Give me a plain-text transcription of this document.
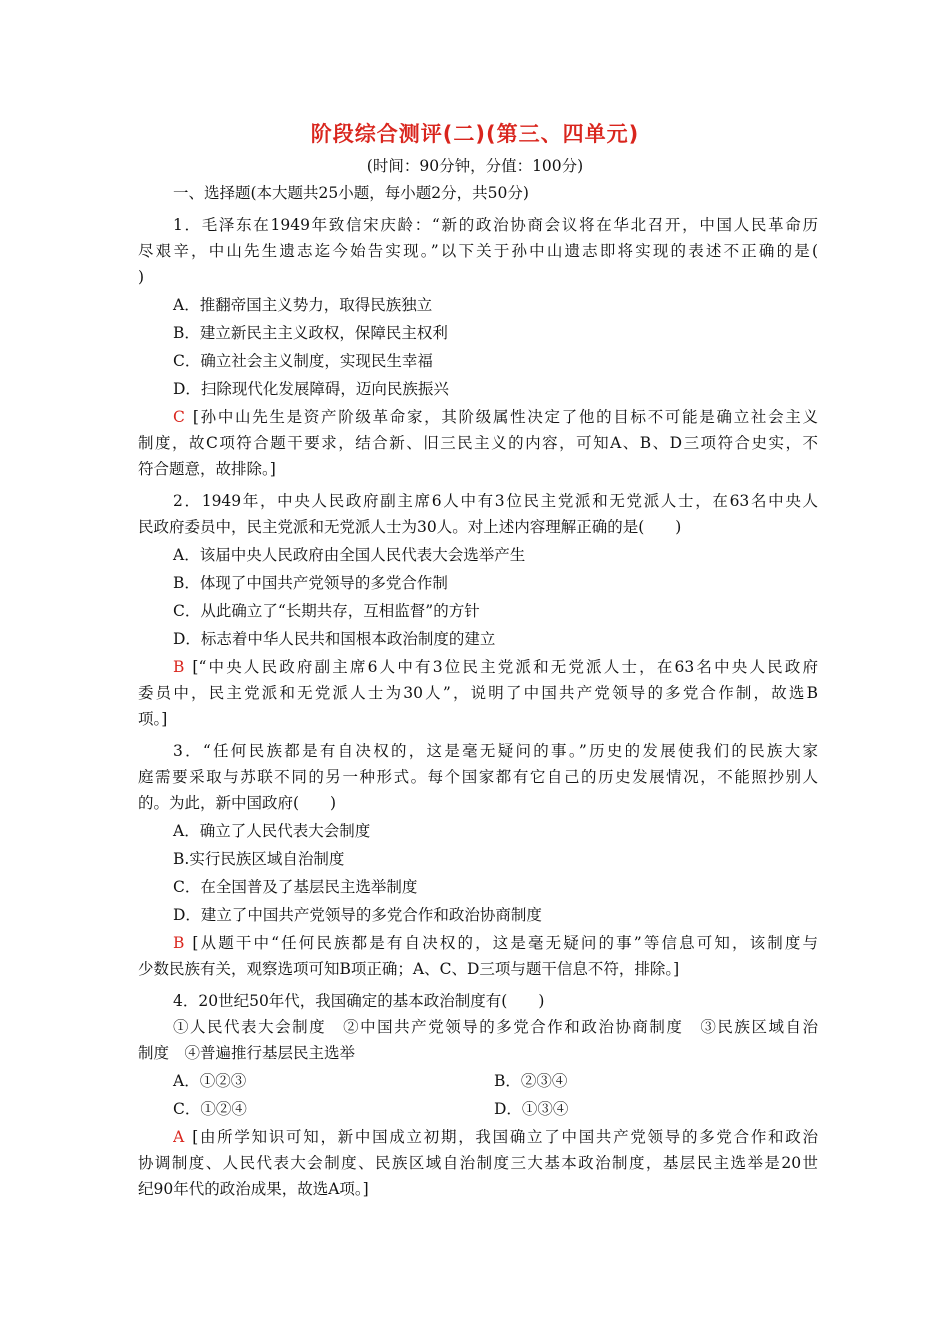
阶段综合测评(二)(第三、四单元)
(时间：90分钟，分值：100分)
一、选择题(本大题共25小题，每小题2分，共50分)
1．毛泽东在1949年致信宋庆龄：“新的政治协商会议将在华北召开，中国人民革命历
尽艰辛，中山先生遗志迄今始告实现。”以下关于孙中山遗志即将实现的表述不正确的是(
)
A．推翻帝国主义势力，取得民族独立
B．建立新民主主义政权，保障民主权利
C．确立社会主义制度，实现民生幸福
D．扫除现代化发展障碍，迈向民族振兴
C [孙中山先生是资产阶级革命家，其阶级属性决定了他的目标不可能是确立社会主义
制度，故C项符合题干要求，结合新、旧三民主义的内容，可知A、B、D三项符合史实，不
符合题意，故排除。]
2．1949年，中央人民政府副主席6人中有3位民主党派和无党派人士，在63名中央人
民政府委员中，民主党派和无党派人士为30人。对上述内容理解正确的是(　　)
A．该届中央人民政府由全国人民代表大会选举产生
B．体现了中国共产党领导的多党合作制
C．从此确立了“长期共存，互相监督”的方针
D．标志着中华人民共和国根本政治制度的建立
B [“中央人民政府副主席6人中有3位民主党派和无党派人士，在63名中央人民政府
委员中，民主党派和无党派人士为30人”，说明了中国共产党领导的多党合作制，故选B
项。]
3．“任何民族都是有自决权的，这是毫无疑问的事。”历史的发展使我们的民族大家
庭需要采取与苏联不同的另一种形式。每个国家都有它自己的历史发展情况，不能照抄别人
的。为此，新中国政府(　　)
A．确立了人民代表大会制度
B.实行民族区域自治制度
C．在全国普及了基层民主选举制度
D．建立了中国共产党领导的多党合作和政治协商制度
B [从题干中“任何民族都是有自决权的，这是毫无疑问的事”等信息可知，该制度与
少数民族有关，观察选项可知B项正确；A、C、D三项与题干信息不符，排除。]
4．20世纪50年代，我国确定的基本政治制度有(　　)
①人民代表大会制度　②中国共产党领导的多党合作和政治协商制度　③民族区域自治
制度　④普遍推行基层民主选举
A．①②③	B．②③④
C．①②④	D．①③④
A [由所学知识可知，新中国成立初期，我国确立了中国共产党领导的多党合作和政治
协调制度、人民代表大会制度、民族区域自治制度三大基本政治制度，基层民主选举是20世
纪90年代的政治成果，故选A项。]
